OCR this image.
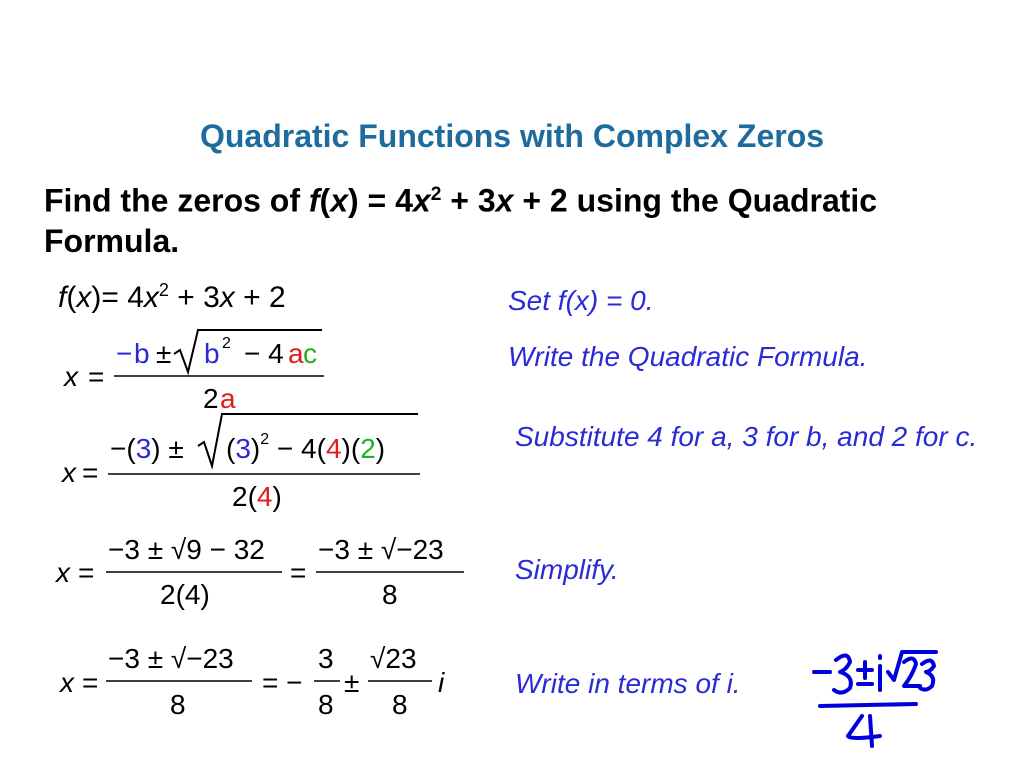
Quadratic Functions with Complex Zeros
Find the zeros of $f(x) = 4x^2 + 3x + 2$ using the Quadratic Formula.
$f(x)= 4x^2 + 3x + 2$	Set f(x) = 0.
Write the Quadratic Formula.
Substitute 4 for a, 3 for b, and 2 for c.
Simplify.
Write in terms of i.
x =
− b ± b 2 − 4 a c
2 a
x =
$-(3) \pm (3)^2 - 4(4)(2)$
2(4)
x =
−3 ± √9 − 32
2(4)
=
−3 ± √−23
8
x =
−3 ± √−23
8
= −
3
8
±
√23
8
i
